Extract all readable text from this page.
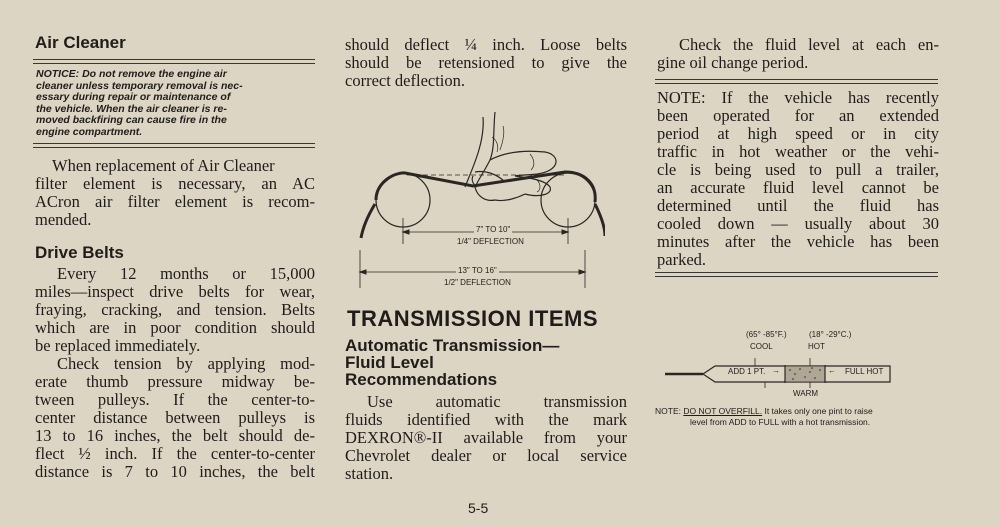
Air Cleaner
NOTICE: Do not remove the engine air
cleaner unless temporary removal is nec-
essary during repair or maintenance of
the vehicle. When the air cleaner is re-
moved backfiring can cause fire in the
engine compartment.
When replacement of Air Cleaner
filter element is necessary, an AC
ACron air filter element is recom-
mended.
Drive Belts
Every 12 months or 15,000
miles—inspect drive belts for wear,
fraying, cracking, and tension. Belts
which are in poor condition should
be replaced immediately.
Check tension by applying mod-
erate thumb pressure midway be-
tween pulleys. If the center-to-
center distance between pulleys is
13 to 16 inches, the belt should de-
flect ½ inch. If the center-to-center
distance is 7 to 10 inches, the belt
should deflect ¼ inch. Loose belts
should be retensioned to give the
correct deflection.
7" TO 10"
1/4" DEFLECTION
13" TO 16"
1/2" DEFLECTION
TRANSMISSION ITEMS
Automatic Transmission—
Fluid Level
Recommendations
Use automatic transmission
fluids identified with the mark
DEXRON®-II available from your
Chevrolet dealer or local service
station.
Check the fluid level at each en-
gine oil change period.
NOTE: If the vehicle has recently
been operated for an extended
period at high speed or in city
traffic in hot weather or the vehi-
cle is being used to pull a trailer,
an accurate fluid level cannot be
determined until the fluid has
cooled down — usually about 30
minutes after the vehicle has been
parked.
(65° -85°F.)	(18° -29°C.)
COOL	HOT
ADD 1 PT. →	← FULL HOT
WARM
NOTE: DO NOT OVERFILL. It takes only one pint to raise
level from ADD to FULL with a hot transmission.
5-5
